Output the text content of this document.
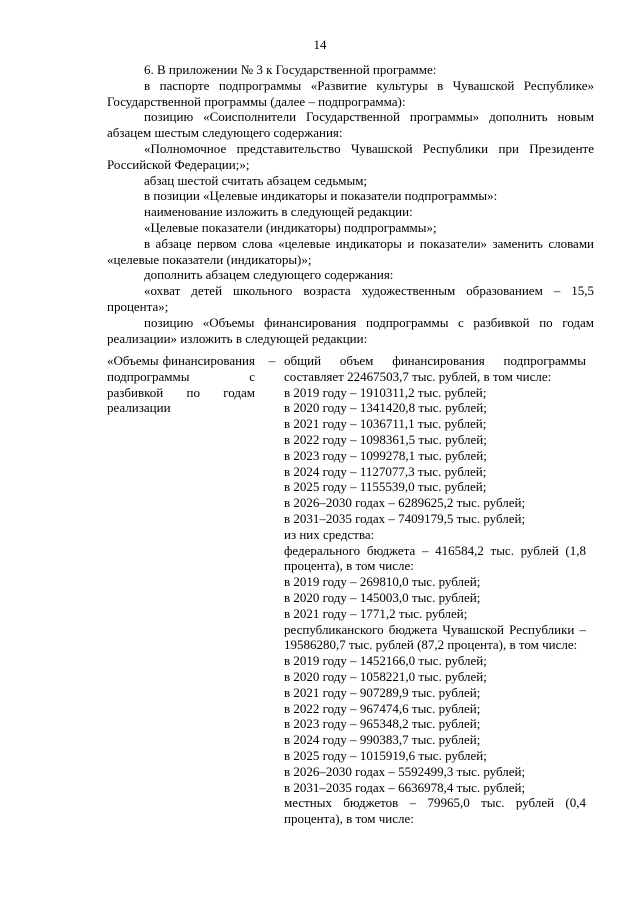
14

6. В приложении № 3 к Государственной программе:

в паспорте подпрограммы «Развитие культуры в Чувашской Республике» Государственной программы (далее – подпрограмма):

позицию «Соисполнители Государственной программы» дополнить новым абзацем шестым следующего содержания:

«Полномочное представительство Чувашской Республики при Президенте Российской Федерации;»;

абзац шестой считать абзацем седьмым;

в позиции «Целевые индикаторы и показатели подпрограммы»:

наименование изложить в следующей редакции:

«Целевые показатели (индикаторы) подпрограммы»;

в абзаце первом слова «целевые индикаторы и показатели» заменить словами «целевые показатели (индикаторы)»;

дополнить абзацем следующего содержания:

«охват детей школьного возраста художественным образованием – 15,5 процента»;

позицию «Объемы финансирования подпрограммы с разбивкой по годам реализации» изложить в следующей редакции:

«Объемы финансирования подпрограммы с разбивкой по годам реализации

– общий объем финансирования подпрограммы составляет 22467503,7 тыс. рублей, в том числе:

в 2019 году – 1910311,2 тыс. рублей;

в 2020 году – 1341420,8 тыс. рублей;

в 2021 году – 1036711,1 тыс. рублей;

в 2022 году – 1098361,5 тыс. рублей;

в 2023 году – 1099278,1 тыс. рублей;

в 2024 году – 1127077,3 тыс. рублей;

в 2025 году – 1155539,0 тыс. рублей;

в 2026–2030 годах – 6289625,2 тыс. рублей;

в 2031–2035 годах – 7409179,5 тыс. рублей;

из них средства:

федерального бюджета – 416584,2 тыс. рублей (1,8 процента), в том числе:

в 2019 году – 269810,0 тыс. рублей;

в 2020 году – 145003,0 тыс. рублей;

в 2021 году – 1771,2 тыс. рублей;

республиканского бюджета Чувашской Республики – 19586280,7 тыс. рублей (87,2 процента), в том числе:

в 2019 году – 1452166,0 тыс. рублей;

в 2020 году – 1058221,0 тыс. рублей;

в 2021 году – 907289,9 тыс. рублей;

в 2022 году – 967474,6 тыс. рублей;

в 2023 году – 965348,2 тыс. рублей;

в 2024 году – 990383,7 тыс. рублей;

в 2025 году – 1015919,6 тыс. рублей;

в 2026–2030 годах – 5592499,3 тыс. рублей;

в 2031–2035 годах – 6636978,4 тыс. рублей;

местных бюджетов – 79965,0 тыс. рублей (0,4 процента), в том числе:
